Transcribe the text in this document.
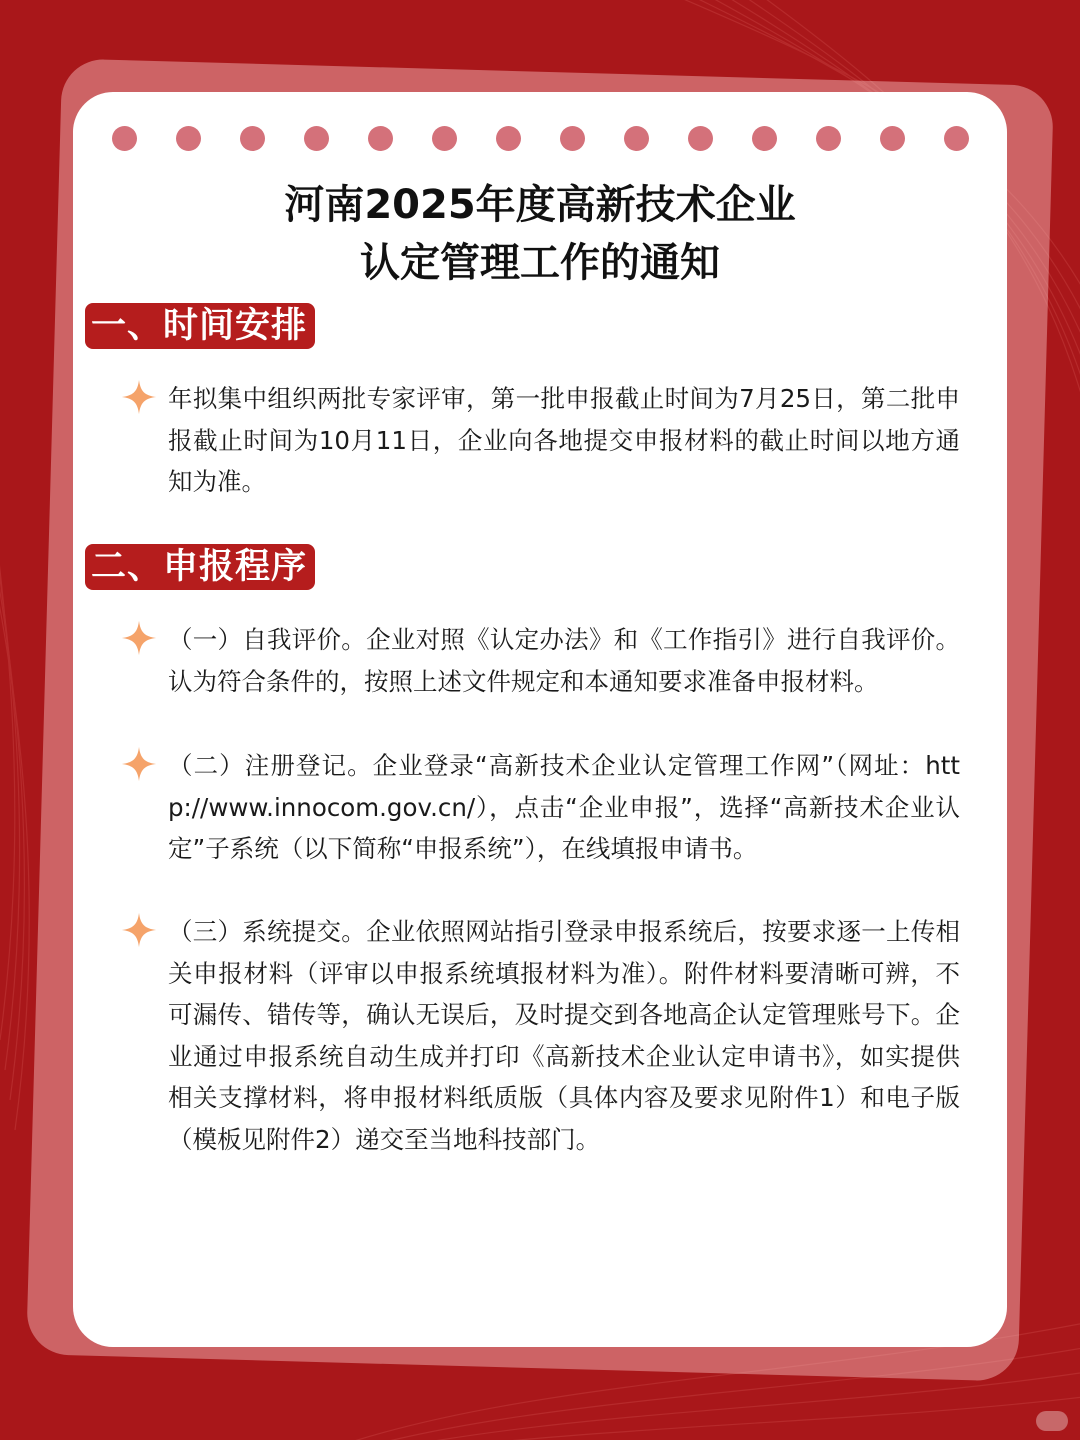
河南2025年度高新技术企业
认定管理工作的通知
一、时间安排
年拟集中组织两批专家评审，第一批申报截止时间为7月25日，第二批申报截止时间为10月11日，企业向各地提交申报材料的截止时间以地方通知为准。
二、申报程序
（一）自我评价。企业对照《认定办法》和《工作指引》进行自我评价。认为符合条件的，按照上述文件规定和本通知要求准备申报材料。
（二）注册登记。企业登录“高新技术企业认定管理工作网”（网址：http://www.innocom.gov.cn/），点击“企业申报”，选择“高新技术企业认定”子系统（以下简称“申报系统”），在线填报申请书。
（三）系统提交。企业依照网站指引登录申报系统后，按要求逐一上传相关申报材料（评审以申报系统填报材料为准）。附件材料要清晰可辨，不可漏传、错传等，确认无误后，及时提交到各地高企认定管理账号下。企业通过申报系统自动生成并打印《高新技术企业认定申请书》，如实提供相关支撑材料，将申报材料纸质版（具体内容及要求见附件1）和电子版（模板见附件2）递交至当地科技部门。
